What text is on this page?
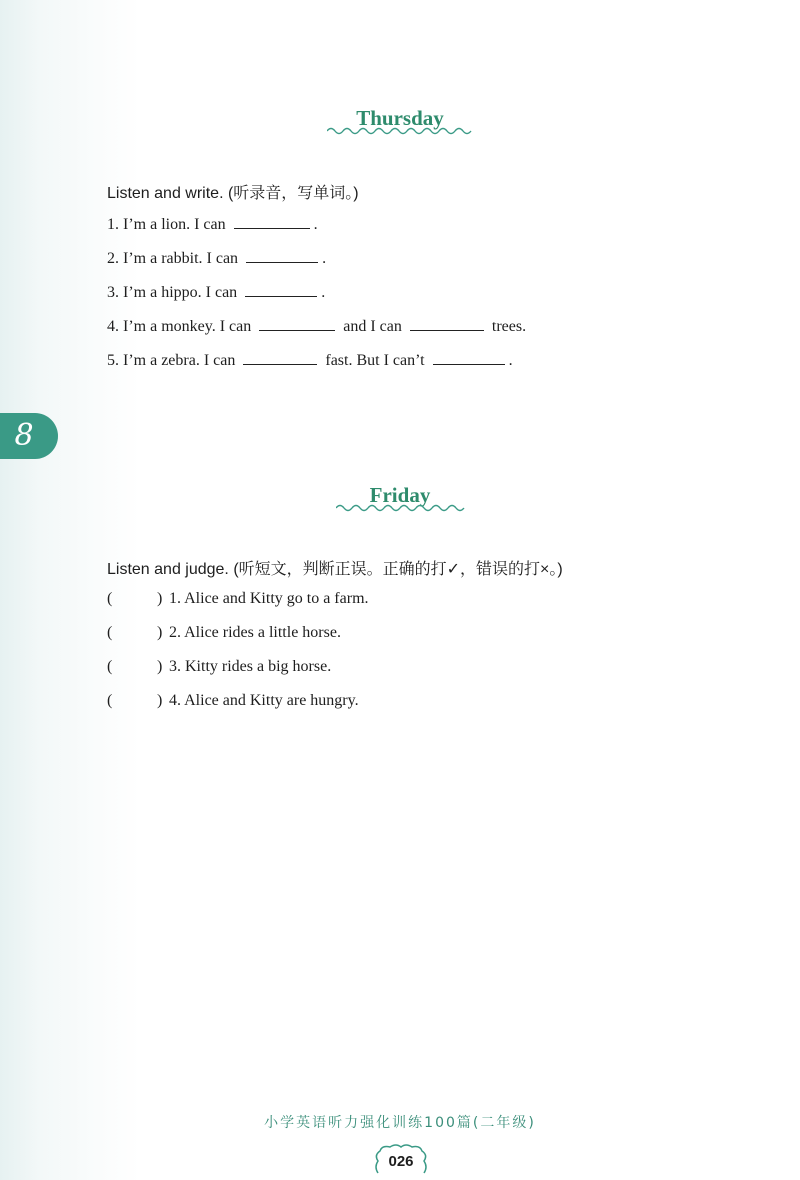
8
Thursday
Listen and write. (听录音，写单词。)
1. I’m a lion. I can	.
2. I’m a rabbit. I can	.
3. I’m a hippo. I can	.
4. I’m a monkey. I can	and I can	trees.
5. I’m a zebra. I can	fast. But I can’t	.
Friday
Listen and judge. (听短文，判断正误。正确的打✓，错误的打×。)
(	) 1. Alice and Kitty go to a farm.
(	) 2. Alice rides a little horse.
(	) 3. Kitty rides a big horse.
(	) 4. Alice and Kitty are hungry.
小学英语听力强化训练100篇(二年级)
026
